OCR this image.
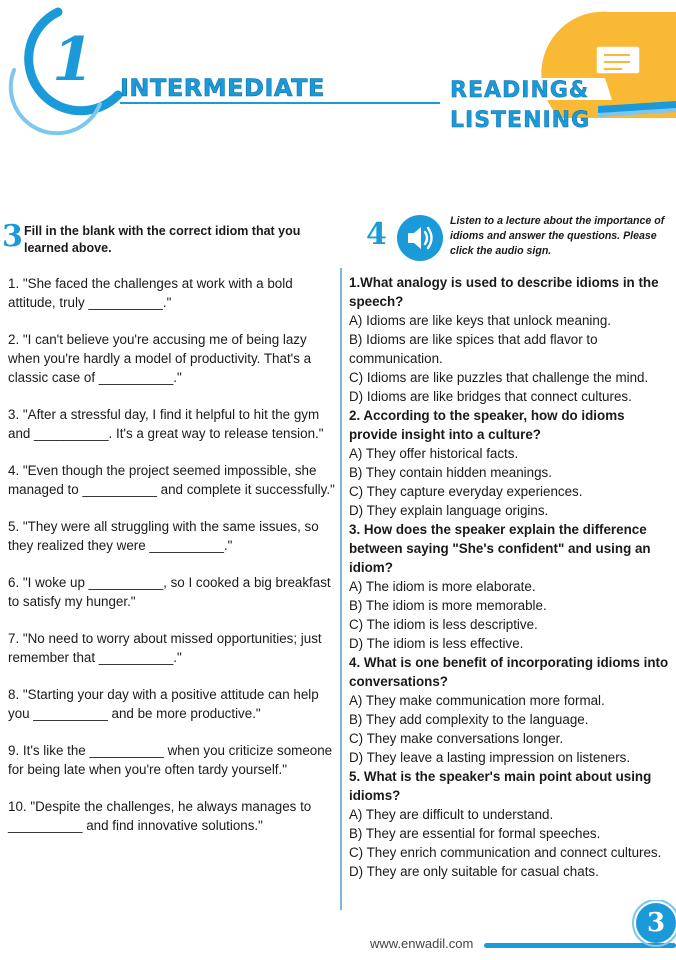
1 INTERMEDIATE	READING&
LISTENING
3 Fill in the blank with the correct idiom that you learned above.
1. "She faced the challenges at work with a bold attitude, truly __________."
2. "I can't believe you're accusing me of being lazy when you're hardly a model of productivity. That's a classic case of __________."
3. "After a stressful day, I find it helpful to hit the gym and __________. It's a great way to release tension."
4. "Even though the project seemed impossible, she managed to __________ and complete it successfully."
5. "They were all struggling with the same issues, so they realized they were __________."
6. "I woke up __________, so I cooked a big breakfast to satisfy my hunger."
7. "No need to worry about missed opportunities; just remember that __________."
8. "Starting your day with a positive attitude can help you __________ and be more productive."
9. It's like the __________ when you criticize someone for being late when you're often tardy yourself."
10. "Despite the challenges, he always manages to __________ and find innovative solutions."
4	Listen to a lecture about the importance of idioms and answer the questions. Please click the audio sign.
1.What analogy is used to describe idioms in the speech?
A) Idioms are like keys that unlock meaning.
B) Idioms are like spices that add flavor to communication.
C) Idioms are like puzzles that challenge the mind.
D) Idioms are like bridges that connect cultures.
2. According to the speaker, how do idioms provide insight into a culture?
A) They offer historical facts.
B) They contain hidden meanings.
C) They capture everyday experiences.
D) They explain language origins.
3. How does the speaker explain the difference between saying "She's confident" and using an idiom?
A) The idiom is more elaborate.
B) The idiom is more memorable.
C) The idiom is less descriptive.
D) The idiom is less effective.
4. What is one benefit of incorporating idioms into conversations?
A) They make communication more formal.
B) They add complexity to the language.
C) They make conversations longer.
D) They leave a lasting impression on listeners.
5. What is the speaker's main point about using idioms?
A) They are difficult to understand.
B) They are essential for formal speeches.
C) They enrich communication and connect cultures.
D) They are only suitable for casual chats.
3
www.enwadil.com
